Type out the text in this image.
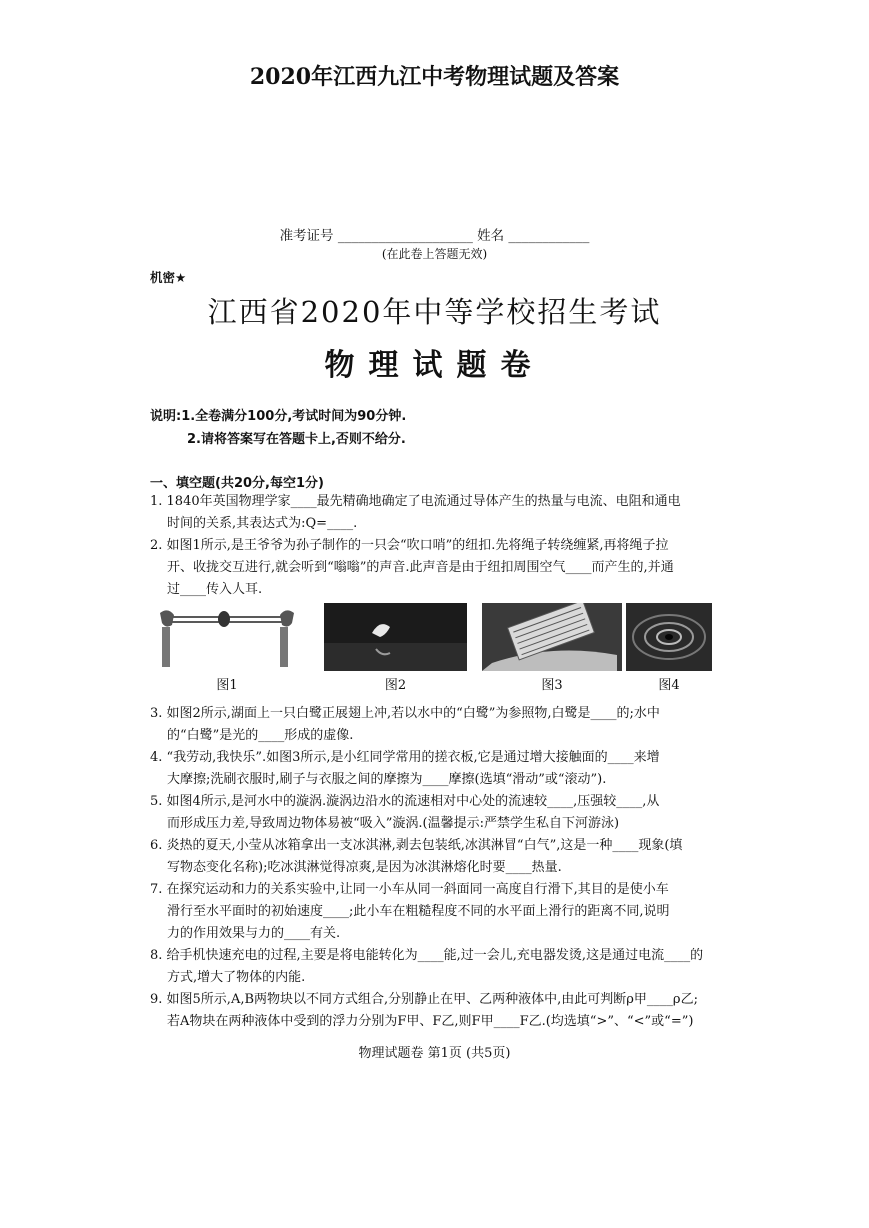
2020年江西九江中考物理试题及答案
准考证号 ____________________ 姓名 ____________
(在此卷上答题无效)
机密★
江西省2020年中等学校招生考试
物理试题卷
说明:1.全卷满分100分,考试时间为90分钟.
2.请将答案写在答题卡上,否则不给分.
一、填空题(共20分,每空1分)
1. 1840年英国物理学家____最先精确地确定了电流通过导体产生的热量与电流、电阻和通电
时间的关系,其表达式为:Q=____.
2. 如图1所示,是王爷爷为孙子制作的一只会“吹口哨”的纽扣.先将绳子转绕缠紧,再将绳子拉
开、收拢交互进行,就会听到“嗡嗡”的声音.此声音是由于纽扣周围空气____而产生的,并通
过____传入人耳.
图1	图2	图3	图4
3. 如图2所示,湖面上一只白鹭正展翅上冲,若以水中的“白鹭”为参照物,白鹭是____的;水中
的“白鹭”是光的____形成的虚像.
4. “我劳动,我快乐”.如图3所示,是小红同学常用的搓衣板,它是通过增大接触面的____来增
大摩擦;洗刷衣服时,刷子与衣服之间的摩擦为____摩擦(选填“滑动”或“滚动”).
5. 如图4所示,是河水中的漩涡.漩涡边沿水的流速相对中心处的流速较____,压强较____,从
而形成压力差,导致周边物体易被“吸入”漩涡.(温馨提示:严禁学生私自下河游泳)
6. 炎热的夏天,小莹从冰箱拿出一支冰淇淋,剥去包装纸,冰淇淋冒“白气”,这是一种____现象(填
写物态变化名称);吃冰淇淋觉得凉爽,是因为冰淇淋熔化时要____热量.
7. 在探究运动和力的关系实验中,让同一小车从同一斜面同一高度自行滑下,其目的是使小车
滑行至水平面时的初始速度____;此小车在粗糙程度不同的水平面上滑行的距离不同,说明
力的作用效果与力的____有关.
8. 给手机快速充电的过程,主要是将电能转化为____能,过一会儿,充电器发烫,这是通过电流____的
方式,增大了物体的内能.
9. 如图5所示,A,B两物块以不同方式组合,分别静止在甲、乙两种液体中,由此可判断ρ甲____ρ乙;
若A物块在两种液体中受到的浮力分别为F甲、F乙,则F甲____F乙.(均选填“>”、“<”或“=”)
物理试题卷 第1页 (共5页)
